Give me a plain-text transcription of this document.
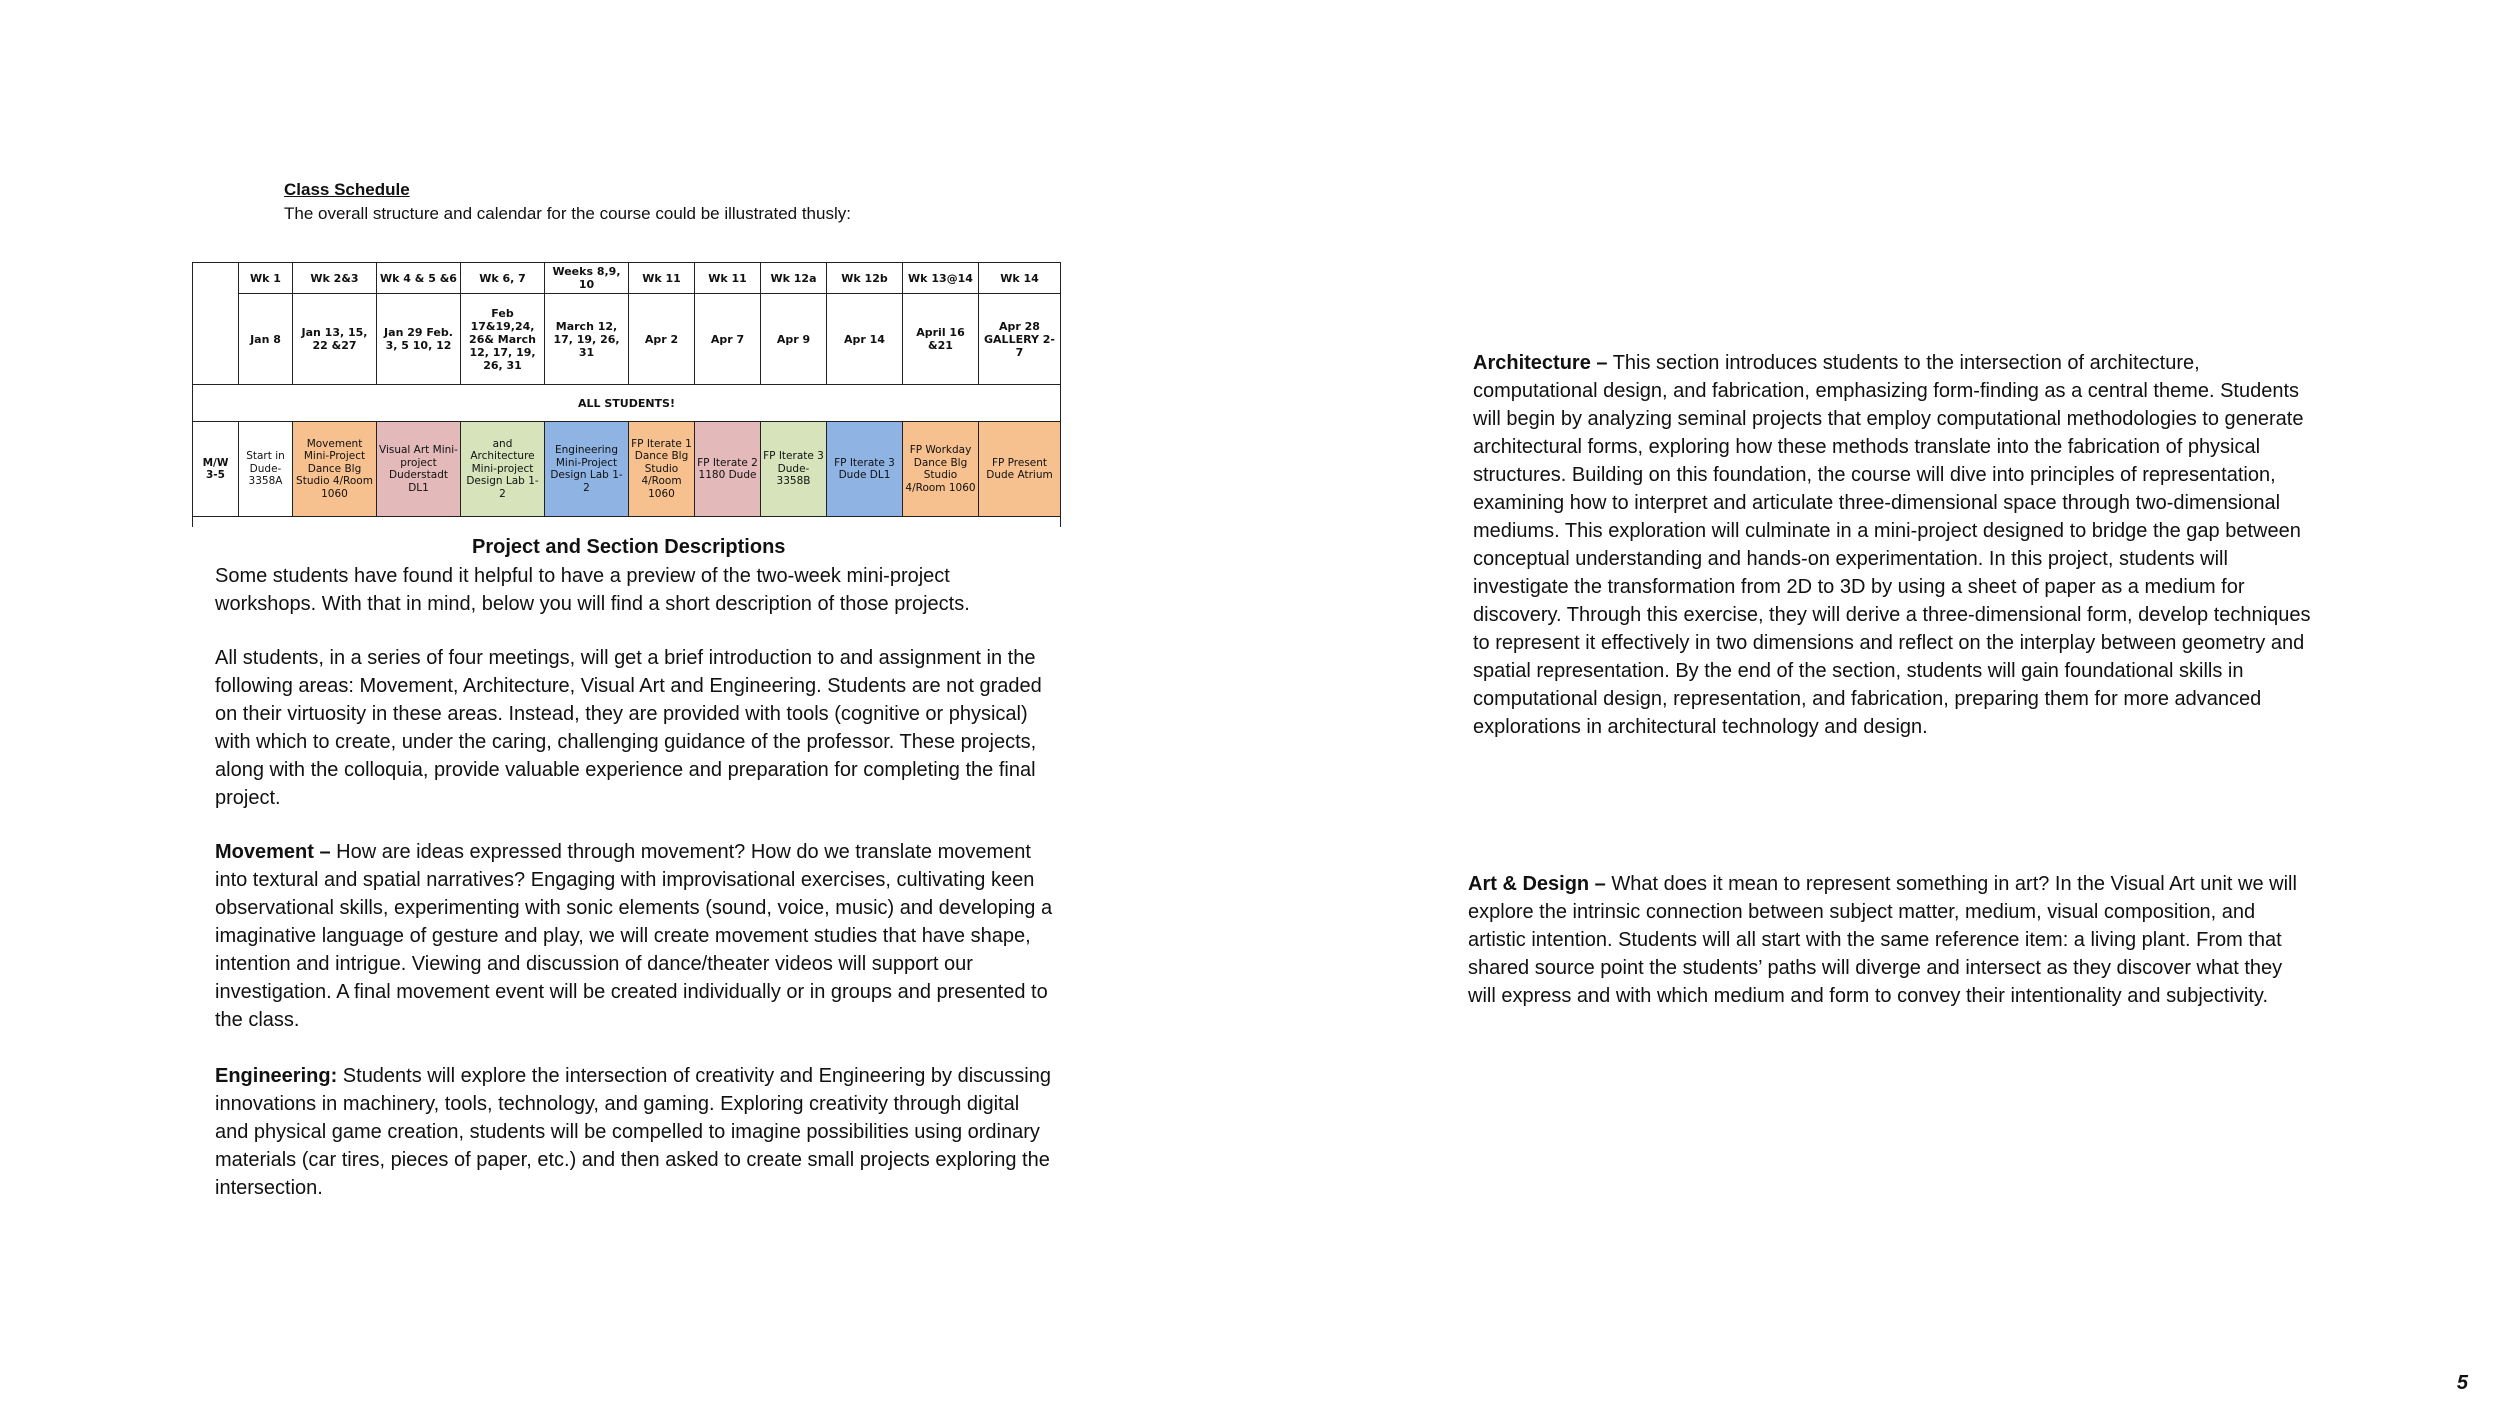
Class Schedule
The overall structure and calendar for the course could be illustrated thusly:
	Wk 1	Wk 2&3	Wk 4 & 5 &6	Wk 6, 7	Weeks 8,9, 10	Wk 11	Wk 11	Wk 12a	Wk 12b	Wk 13@14	Wk 14
	Jan 8	Jan 13, 15, 22 &27	Jan 29 Feb. 3, 5 10, 12	Feb 17&19,24, 26& March 12, 17, 19, 26, 31	March 12, 17, 19, 26, 31	Apr 2	Apr 7	Apr 9	Apr 14	April 16 &21	Apr 28 GALLERY 2-7
ALL STUDENTS!											
M/W 3-5	Start in Dude-3358A	Movement Mini-Project Dance Blg Studio 4/Room 1060	Visual Art Mini-project Duderstadt DL1	and Architecture Mini-project Design Lab 1-2	Engineering Mini-Project Design Lab 1-2	FP Iterate 1 Dance Blg Studio 4/Room 1060	FP Iterate 2 1180 Dude	FP Iterate 3 Dude-3358B	FP Iterate 3 Dude DL1	FP Workday Dance Blg Studio 4/Room 1060	FP Present Dude Atrium

Project and Section Descriptions

Some students have found it helpful to have a preview of the two-week mini-project workshops. With that in mind, below you will find a short description of those projects.

All students, in a series of four meetings, will get a brief introduction to and assignment in the following areas: Movement, Architecture, Visual Art and Engineering. Students are not graded on their virtuosity in these areas. Instead, they are provided with tools (cognitive or physical) with which to create, under the caring, challenging guidance of the professor. These projects, along with the colloquia, provide valuable experience and preparation for completing the final project.

Movement – How are ideas expressed through movement? How do we translate movement into textural and spatial narratives? Engaging with improvisational exercises, cultivating keen observational skills, experimenting with sonic elements (sound, voice, music) and developing a imaginative language of gesture and play, we will create movement studies that have shape, intention and intrigue. Viewing and discussion of dance/theater videos will support our investigation. A final movement event will be created individually or in groups and presented to the class.

Engineering: Students will explore the intersection of creativity and Engineering by discussing innovations in machinery, tools, technology, and gaming. Exploring creativity through digital and physical game creation, students will be compelled to imagine possibilities using ordinary materials (car tires, pieces of paper, etc.) and then asked to create small projects exploring the intersection.

Architecture – This section introduces students to the intersection of architecture, computational design, and fabrication, emphasizing form-finding as a central theme. Students will begin by analyzing seminal projects that employ computational methodologies to generate architectural forms, exploring how these methods translate into the fabrication of physical structures. Building on this foundation, the course will dive into principles of representation, examining how to interpret and articulate three-dimensional space through two-dimensional mediums. This exploration will culminate in a mini-project designed to bridge the gap between conceptual understanding and hands-on experimentation. In this project, students will investigate the transformation from 2D to 3D by using a sheet of paper as a medium for discovery. Through this exercise, they will derive a three-dimensional form, develop techniques to represent it effectively in two dimensions and reflect on the interplay between geometry and spatial representation. By the end of the section, students will gain foundational skills in computational design, representation, and fabrication, preparing them for more advanced explorations in architectural technology and design.

Art & Design – What does it mean to represent something in art? In the Visual Art unit we will explore the intrinsic connection between subject matter, medium, visual composition, and artistic intention. Students will all start with the same reference item: a living plant. From that shared source point the students’ paths will diverge and intersect as they discover what they will express and with which medium and form to convey their intentionality and subjectivity.

5
